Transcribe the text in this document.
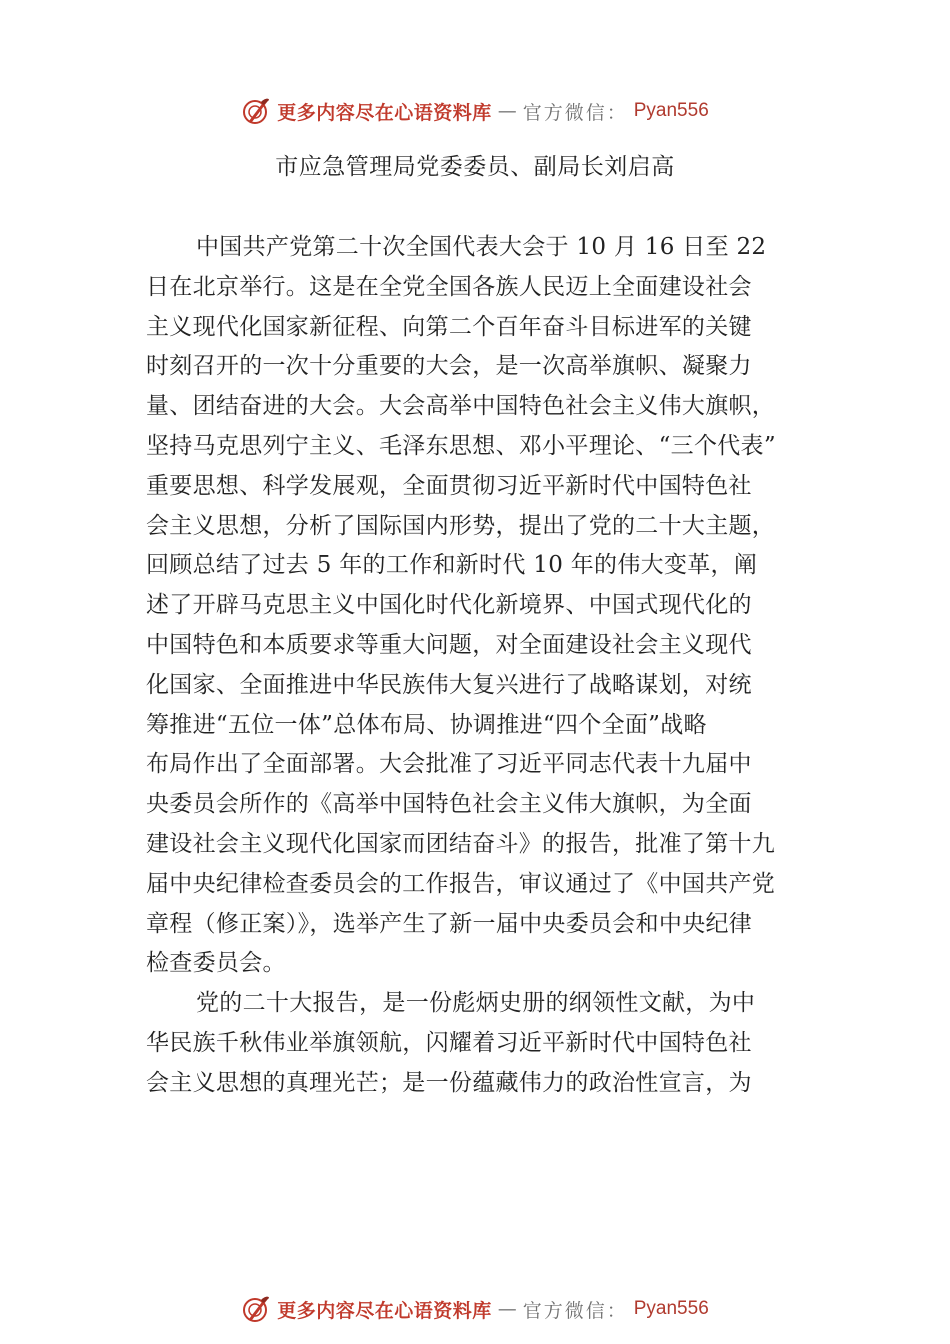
更多内容尽在心语资料库 — 官方微信： Pyan556
市应急管理局党委委员、副局长刘启高
中国共产党第二十次全国代表大会于 10 月 16 日至 22
日在北京举行。这是在全党全国各族人民迈上全面建设社会
主义现代化国家新征程、向第二个百年奋斗目标进军的关键
时刻召开的一次十分重要的大会，是一次高举旗帜、凝聚力
量、团结奋进的大会。大会高举中国特色社会主义伟大旗帜，
坚持马克思列宁主义、毛泽东思想、邓小平理论、“三个代表”
重要思想、科学发展观，全面贯彻习近平新时代中国特色社
会主义思想，分析了国际国内形势，提出了党的二十大主题，
回顾总结了过去 5 年的工作和新时代 10 年的伟大变革，阐
述了开辟马克思主义中国化时代化新境界、中国式现代化的
中国特色和本质要求等重大问题，对全面建设社会主义现代
化国家、全面推进中华民族伟大复兴进行了战略谋划，对统
筹推进“五位一体”总体布局、协调推进“四个全面”战略
布局作出了全面部署。大会批准了习近平同志代表十九届中
央委员会所作的《高举中国特色社会主义伟大旗帜，为全面
建设社会主义现代化国家而团结奋斗》的报告，批准了第十九
届中央纪律检查委员会的工作报告，审议通过了《中国共产党
章程（修正案）》，选举产生了新一届中央委员会和中央纪律
检查委员会。
党的二十大报告，是一份彪炳史册的纲领性文献，为中
华民族千秋伟业举旗领航，闪耀着习近平新时代中国特色社
会主义思想的真理光芒；是一份蕴藏伟力的政治性宣言，为
更多内容尽在心语资料库 — 官方微信： Pyan556
